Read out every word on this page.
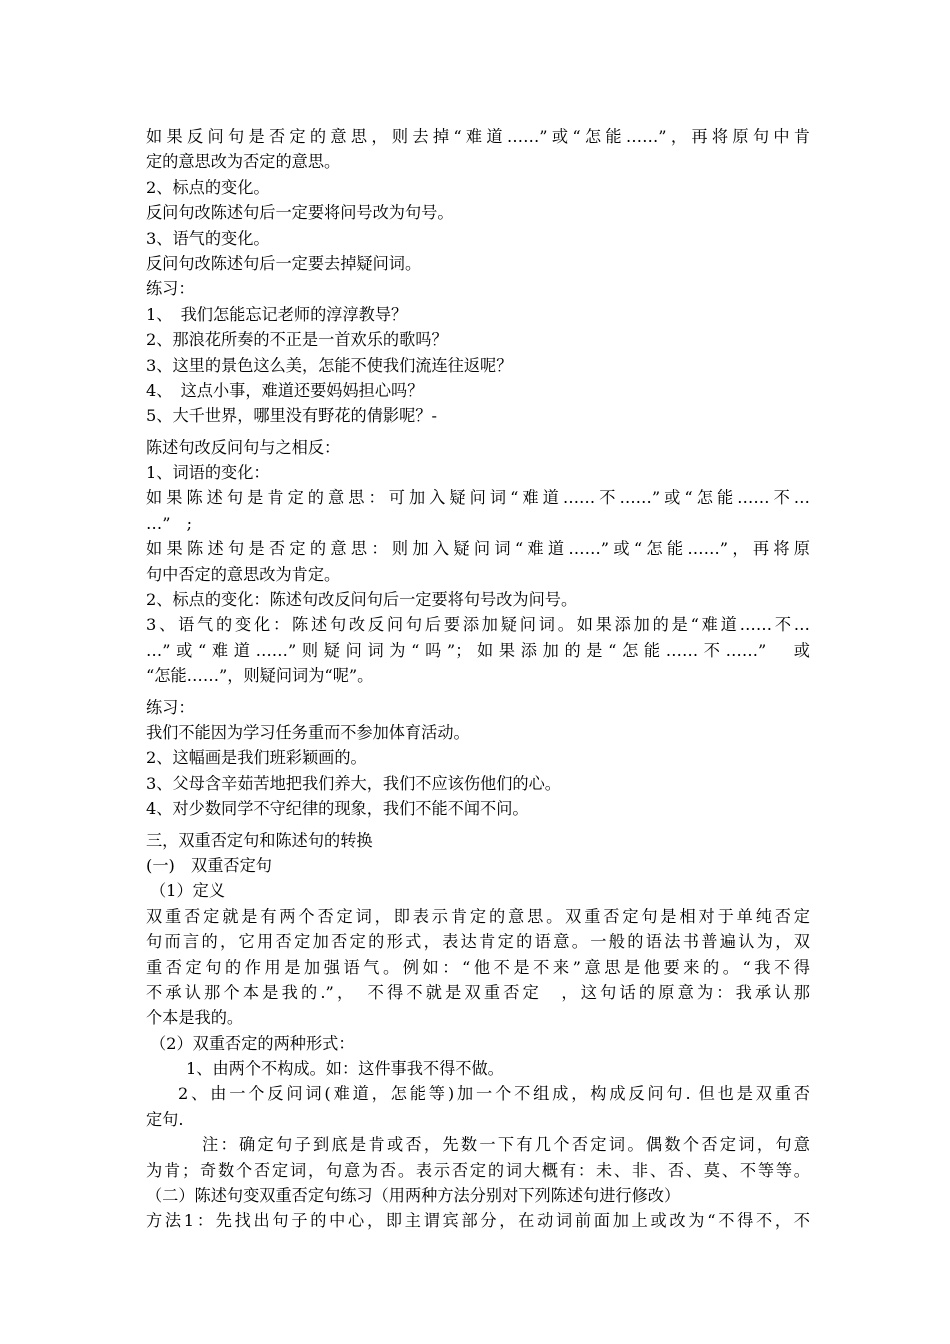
如果反问句是否定的意思，则去掉“难道……”或“怎能……”，再将原句中肯
定的意思改为否定的意思。
2、标点的变化。
反问句改陈述句后一定要将问号改为句号。
3、语气的变化。
反问句改陈述句后一定要去掉疑问词。
练习：
1、　我们怎能忘记老师的淳淳教导？
2、那浪花所奏的不正是一首欢乐的歌吗？
3、这里的景色这么美，怎能不使我们流连往返呢？
4、　这点小事，难道还要妈妈担心吗？
5、大千世界，哪里没有野花的倩影呢？-
陈述句改反问句与之相反：
1、词语的变化：
如果陈述句是肯定的意思：可加入疑问词“难道……不……”或“怎能……不…
…”　;
如果陈述句是否定的意思：则加入疑问词“难道……”或“怎能……”，再将原
句中否定的意思改为肯定。
2、标点的变化：陈述句改反问句后一定要将句号改为问号。
3、语气的变化：陈述句改反问句后要添加疑问词。如果添加的是“难道……不…
…”或“难道……”则疑问词为“吗”；如果添加的是“怎能……不……”　或
“怎能……”，则疑问词为“呢”。
练习：
我们不能因为学习任务重而不参加体育活动。
2、这幅画是我们班彩颖画的。
3、父母含辛茹苦地把我们养大，我们不应该伤他们的心。
4、对少数同学不守纪律的现象，我们不能不闻不问。
三，双重否定句和陈述句的转换
(一)　双重否定句
（1）定义
双重否定就是有两个否定词，即表示肯定的意思。双重否定句是相对于单纯否定
句而言的，它用否定加否定的形式，表达肯定的语意。一般的语法书普遍认为，双
重否定句的作用是加强语气。例如：“他不是不来”意思是他要来的。“我不得
不承认那个本是我的.”，　不得不就是双重否定　，这句话的原意为：我承认那
个本是我的。
（2）双重否定的两种形式：
1、由两个不构成。如：这件事我不得不做。
2、由一个反问词(难道，怎能等)加一个不组成，构成反问句. 但也是双重否
定句.
注：确定句子到底是肯或否，先数一下有几个否定词。偶数个否定词，句意
为肯；奇数个否定词，句意为否。表示否定的词大概有：未、非、否、莫、不等等。
（二）陈述句变双重否定句练习（用两种方法分别对下列陈述句进行修改）
方法1：先找出句子的中心，即主谓宾部分，在动词前面加上或改为“不得不，不
